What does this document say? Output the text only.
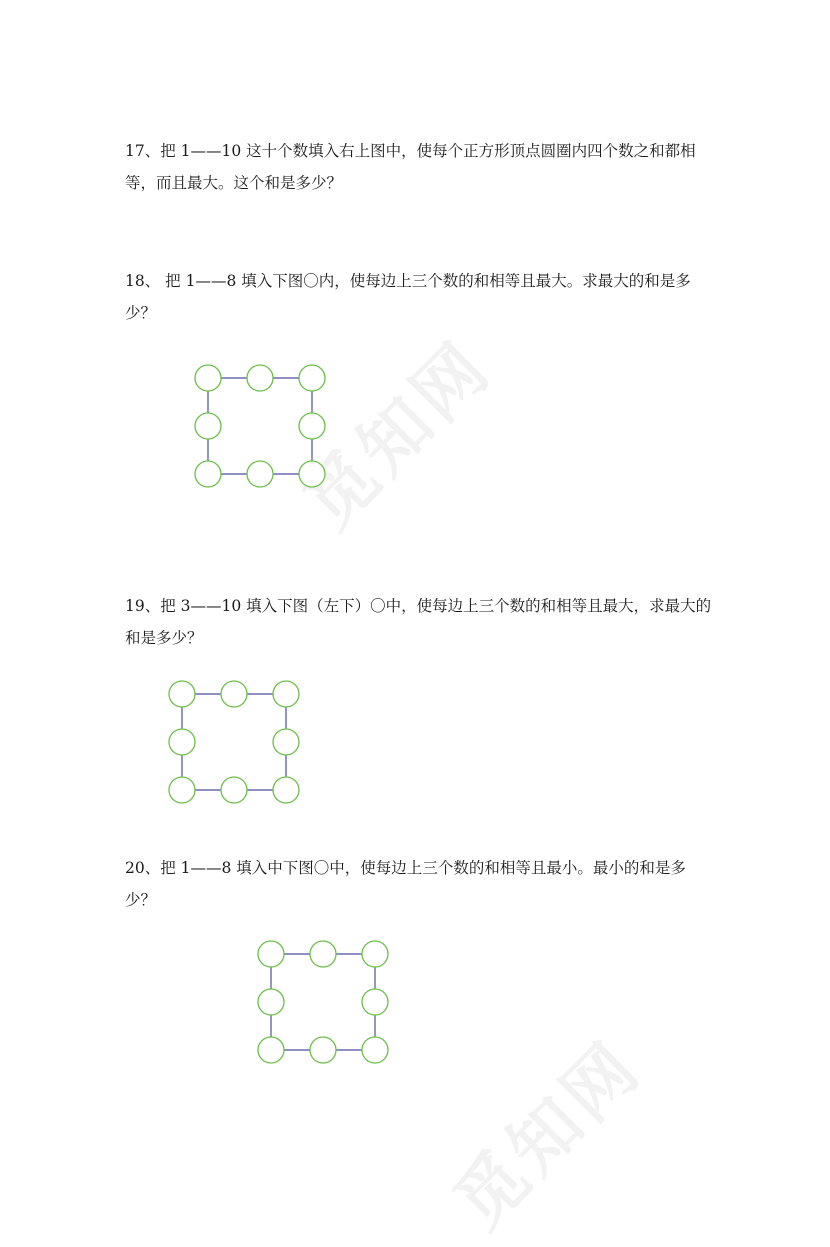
觅知网
觅知网

17、把 1——10 这十个数填入右上图中，使每个正方形顶点圆圈内四个数之和都相等，而且最大。这个和是多少？

18、 把 1——8 填入下图〇内，使每边上三个数的和相等且最大。求最大的和是多少？

19、把 3——10 填入下图（左下）〇中，使每边上三个数的和相等且最大，求最大的和是多少？

20、把 1——8 填入中下图〇中，使每边上三个数的和相等且最小。最小的和是多少？
